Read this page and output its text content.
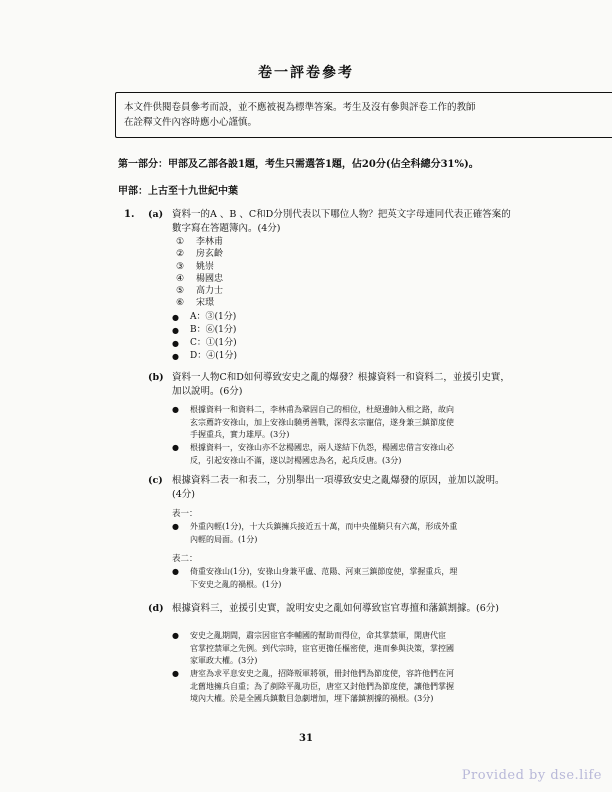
卷一評卷參考
本文件供閱卷員參考而設，並不應被視為標準答案。考生及沒有參與評卷工作的教師
在詮釋文件內容時應小心謹慎。
第一部分：甲部及乙部各設1題，考生只需選答1題，佔20分(佔全科總分31%)。
甲部：上古至十九世紀中葉
1. (a) 資料一的A 、B 、C和D分別代表以下哪位人物？把英文字母連同代表正確答案的
數字寫在答題簿內。(4分)
① 李林甫
② 房玄齡
③ 姚崇
④ 楊國忠
⑤ 高力士
⑥ 宋璟
● A：③(1分)
● B：⑥(1分)
● C：①(1分)
● D：④(1分)
(b) 資料一人物C和D如何導致安史之亂的爆發？根據資料一和資料二，並援引史實，
加以說明。(6分)
● 根據資料一和資料二，李林甫為鞏固自己的相位，杜絕邊帥入相之路，故向
玄宗薦許安祿山，加上安祿山驍勇善戰，深得玄宗寵信，遂身兼三鎮節度使
手握重兵，實力雄厚。(3分)
● 根據資料一，安祿山亦不忿楊國忠，兩人遂結下仇怨，楊國忠借言安祿山必
反，引起安祿山不滿，遂以討楊國忠為名，起兵反唐。(3分)
(c) 根據資料二表一和表二，分別舉出一項導致安史之亂爆發的原因，並加以說明。
(4分)
表一：
● 外重內輕(1分)，十大兵鎮擁兵接近五十萬，而中央僅騎只有六萬，形成外重
內輕的局面。(1分)
表二：
● 倚重安祿山(1分)，安祿山身兼平盧、范陽、河東三鎮節度使，掌握重兵，埋
下安史之亂的禍根。(1分)
(d) 根據資料三，並援引史實，說明安史之亂如何導致宦官專擅和藩鎮割據。(6分)
● 安史之亂期間，肅宗因宦官李輔國的幫助而得位，命其掌禁軍，開唐代宦
官掌控禁軍之先例。到代宗時，宦官更擔任樞密使，進而參與決策，掌控國
家軍政大權。(3分)
● 唐室為求平息安史之亂，招降叛軍將領，冊封他們為節度使，容許他們在河
北舊地擁兵自重；為了剷除平亂功臣，唐室又封他們為節度使，讓他們掌握
境內大權。於是全國兵鎮數目急劇增加，埋下藩鎮割據的禍根。(3分)
31
Provided by dse.life
